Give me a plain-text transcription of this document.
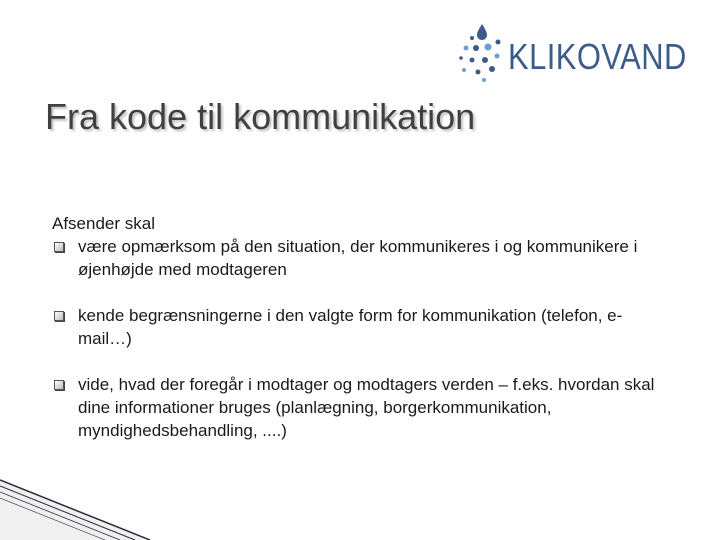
KLIKOVAND
Fra kode til kommunikation
Afsender skal
være opmærksom på den situation, der kommunikeres i og kommunikere i øjenhøjde med modtageren
kende begrænsningerne i den valgte form for kommunikation (telefon, e-mail…)
vide, hvad der foregår i modtager og modtagers verden – f.eks. hvordan skal dine informationer bruges (planlægning, borgerkommunikation, myndighedsbehandling, ....)
